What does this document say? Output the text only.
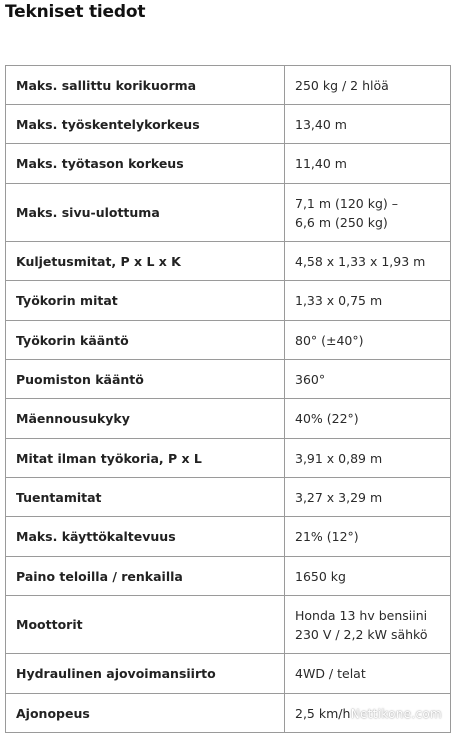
Tekniset tiedot
Maks. sallittu korikuorma	250 kg / 2 hlöä

Maks. työskentelykorkeus	13,40 m

Maks. työtason korkeus	11,40 m

Maks. sivu-ulottuma	7,1 m (120 kg) –
6,6 m (250 kg)

Kuljetusmitat, P x L x K	4,58 x 1,33 x 1,93 m

Työkorin mitat	1,33 x 0,75 m

Työkorin kääntö	80° (±40°)

Puomiston kääntö	360°

Mäennousukyky	40% (22°)

Mitat ilman työkoria, P x L	3,91 x 0,89 m

Tuentamitat	3,27 x 3,29 m

Maks. käyttökaltevuus	21% (12°)

Paino teloilla / renkailla	1650 kg

Moottorit	Honda 13 hv bensiini
230 V / 2,2 kW sähkö

Hydraulinen ajovoimansiirto	4WD / telat

Ajonopeus	2,5 km/h Nettikone.com
